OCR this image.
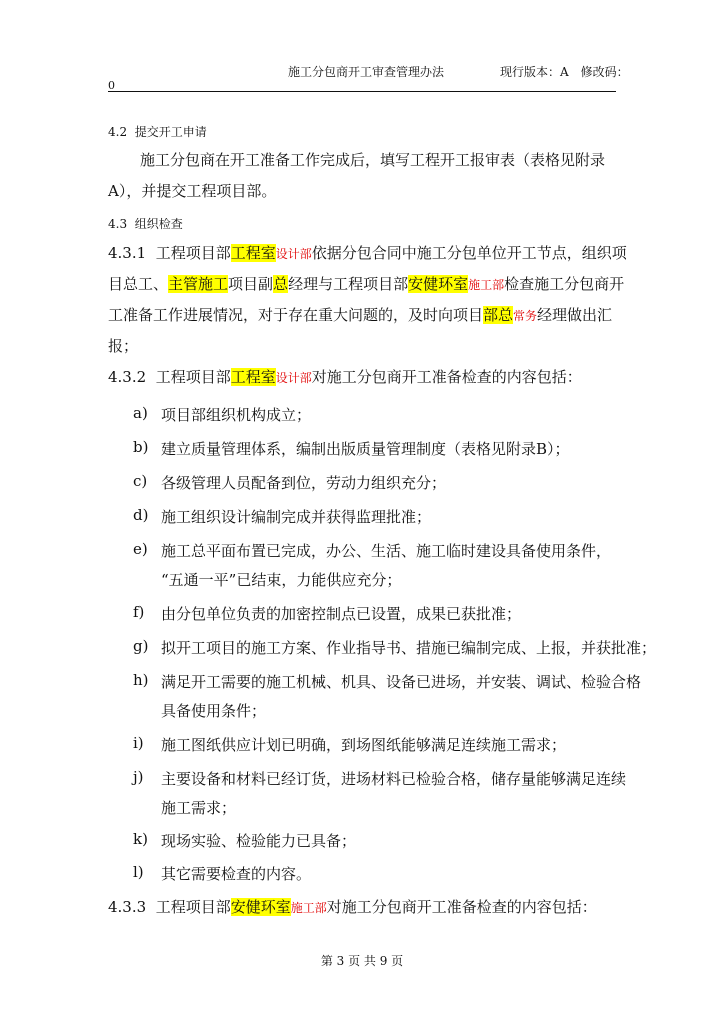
施工分包商开工审查管理办法	现行版本：A　修改码：
0
4.2 提交开工申请
施工分包商在开工准备工作完成后，填写工程开工报审表（表格见附录
A），并提交工程项目部。
4.3 组织检查
4.3.1 工程项目部工程室设计部依据分包合同中施工分包单位开工节点，组织项
目总工、主管施工项目副总经理与工程项目部安健环室施工部检查施工分包商开
工准备工作进展情况，对于存在重大问题的，及时向项目部总常务经理做出汇
报；
4.3.2 工程项目部工程室设计部对施工分包商开工准备检查的内容包括：
a) 项目部组织机构成立；
b) 建立质量管理体系，编制出版质量管理制度（表格见附录B）；
c) 各级管理人员配备到位，劳动力组织充分；
d) 施工组织设计编制完成并获得监理批准；
e) 施工总平面布置已完成，办公、生活、施工临时建设具备使用条件，
“五通一平”已结束，力能供应充分；
f) 由分包单位负责的加密控制点已设置，成果已获批准；
g) 拟开工项目的施工方案、作业指导书、措施已编制完成、上报，并获批准；
h) 满足开工需要的施工机械、机具、设备已进场，并安装、调试、检验合格
具备使用条件；
i) 施工图纸供应计划已明确，到场图纸能够满足连续施工需求；
j) 主要设备和材料已经订货，进场材料已检验合格，储存量能够满足连续
施工需求；
k) 现场实验、检验能力已具备；
l) 其它需要检查的内容。
4.3.3 工程项目部安健环室施工部对施工分包商开工准备检查的内容包括：
第 3 页 共 9 页
